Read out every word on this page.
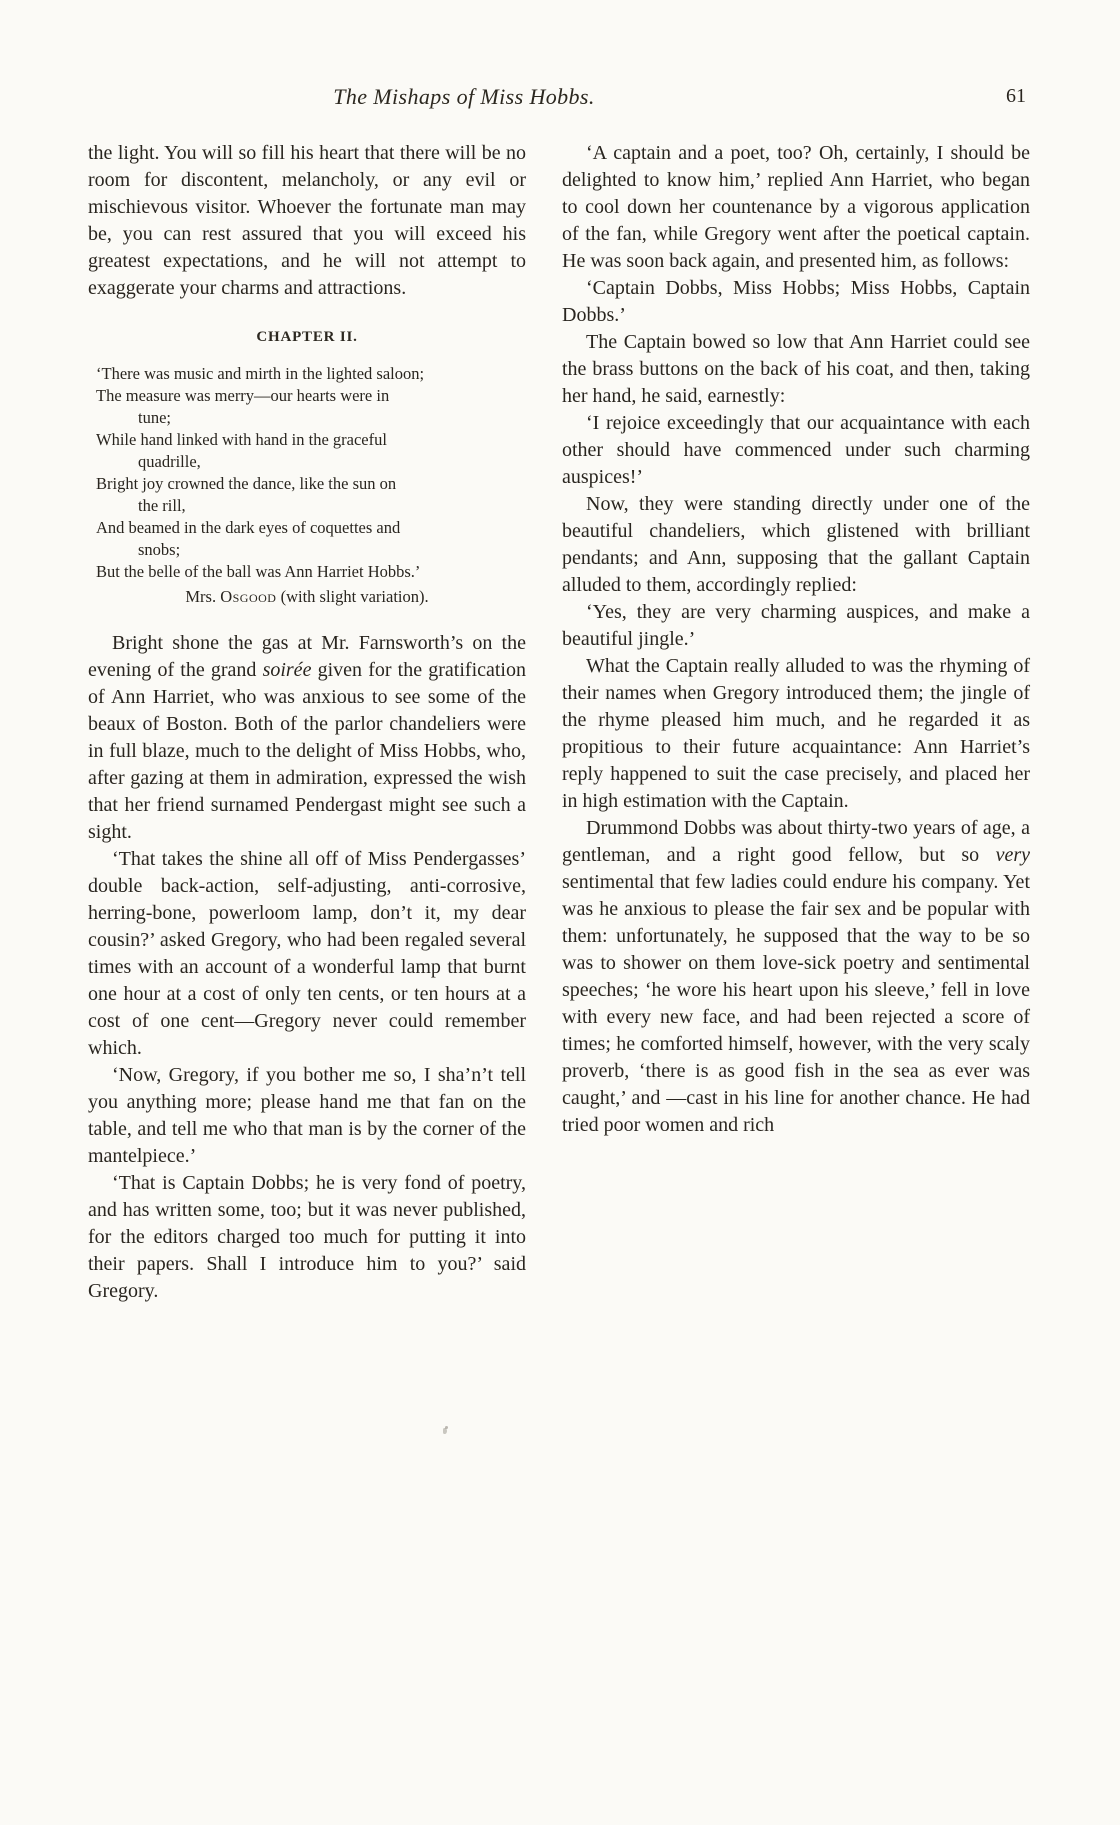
The Mishaps of Miss Hobbs.	61

the light. You will so fill his heart that there will be no room for discontent, melancholy, or any evil or mischievous visitor. Whoever the fortunate man may be, you can rest assured that you will exceed his greatest expectations, and he will not attempt to exaggerate your charms and attractions.

CHAPTER II.
‘There was music and mirth in the lighted saloon;
The measure was merry—our hearts were in
tune;
While hand linked with hand in the graceful
quadrille,
Bright joy crowned the dance, like the sun on
the rill,
And beamed in the dark eyes of coquettes and
snobs;
But the belle of the ball was Ann Harriet Hobbs.’
Mrs. Osgood (with slight variation).

Bright shone the gas at Mr. Farnsworth’s on the evening of the grand soirée given for the gratification of Ann Harriet, who was anxious to see some of the beaux of Boston. Both of the parlor chandeliers were in full blaze, much to the delight of Miss Hobbs, who, after gazing at them in admiration, expressed the wish that her friend surnamed Pendergast might see such a sight.

‘That takes the shine all off of Miss Pendergasses’ double back-action, self-adjusting, anti-corrosive, herring-bone, powerloom lamp, don’t it, my dear cousin?’ asked Gregory, who had been regaled several times with an account of a wonderful lamp that burnt one hour at a cost of only ten cents, or ten hours at a cost of one cent—Gregory never could remember which.

‘Now, Gregory, if you bother me so, I sha’n’t tell you anything more; please hand me that fan on the table, and tell me who that man is by the corner of the mantelpiece.’

‘That is Captain Dobbs; he is very fond of poetry, and has written some, too; but it was never published, for the editors charged too much for putting it into their papers. Shall I introduce him to you?’ said Gregory.

‘A captain and a poet, too? Oh, certainly, I should be delighted to know him,’ replied Ann Harriet, who began to cool down her countenance by a vigorous application of the fan, while Gregory went after the poetical captain. He was soon back again, and presented him, as follows:

‘Captain Dobbs, Miss Hobbs; Miss Hobbs, Captain Dobbs.’

The Captain bowed so low that Ann Harriet could see the brass buttons on the back of his coat, and then, taking her hand, he said, earnestly:

‘I rejoice exceedingly that our acquaintance with each other should have commenced under such charming auspices!’

Now, they were standing directly under one of the beautiful chandeliers, which glistened with brilliant pendants; and Ann, supposing that the gallant Captain alluded to them, accordingly replied:

‘Yes, they are very charming auspices, and make a beautiful jingle.’

What the Captain really alluded to was the rhyming of their names when Gregory introduced them; the jingle of the rhyme pleased him much, and he regarded it as propitious to their future acquaintance: Ann Harriet’s reply happened to suit the case precisely, and placed her in high estimation with the Captain.

Drummond Dobbs was about thirty-two years of age, a gentleman, and a right good fellow, but so very sentimental that few ladies could endure his company. Yet was he anxious to please the fair sex and be popular with them: unfortunately, he supposed that the way to be so was to shower on them love-sick poetry and sentimental speeches; ‘he wore his heart upon his sleeve,’ fell in love with every new face, and had been rejected a score of times; he comforted himself, however, with the very scaly proverb, ‘there is as good fish in the sea as ever was caught,’ and —cast in his line for another chance. He had tried poor women and rich
